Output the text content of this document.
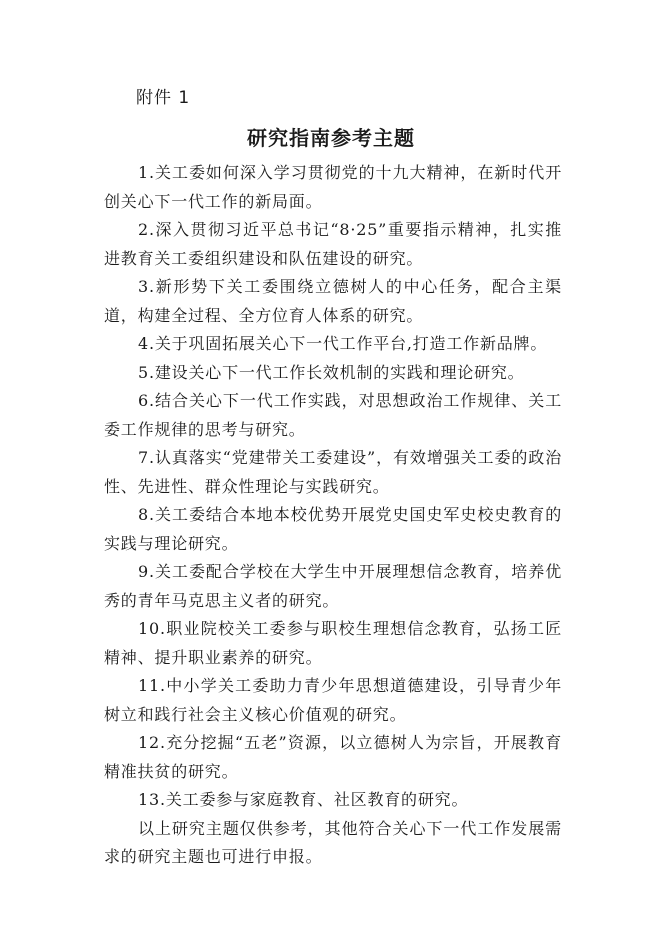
附件 1
研究指南参考主题

1.关工委如何深入学习贯彻党的十九大精神，在新时代开创关心下一代工作的新局面。

2.深入贯彻习近平总书记“8·25”重要指示精神，扎实推进教育关工委组织建设和队伍建设的研究。

3.新形势下关工委围绕立德树人的中心任务，配合主渠道，构建全过程、全方位育人体系的研究。

4.关于巩固拓展关心下一代工作平台,打造工作新品牌。

5.建设关心下一代工作长效机制的实践和理论研究。

6.结合关心下一代工作实践，对思想政治工作规律、关工委工作规律的思考与研究。

7.认真落实“党建带关工委建设”，有效增强关工委的政治性、先进性、群众性理论与实践研究。

8.关工委结合本地本校优势开展党史国史军史校史教育的实践与理论研究。

9.关工委配合学校在大学生中开展理想信念教育，培养优秀的青年马克思主义者的研究。

10.职业院校关工委参与职校生理想信念教育，弘扬工匠精神、提升职业素养的研究。

11.中小学关工委助力青少年思想道德建设，引导青少年树立和践行社会主义核心价值观的研究。

12.充分挖掘“五老”资源，以立德树人为宗旨，开展教育精准扶贫的研究。

13.关工委参与家庭教育、社区教育的研究。

以上研究主题仅供参考，其他符合关心下一代工作发展需求的研究主题也可进行申报。
